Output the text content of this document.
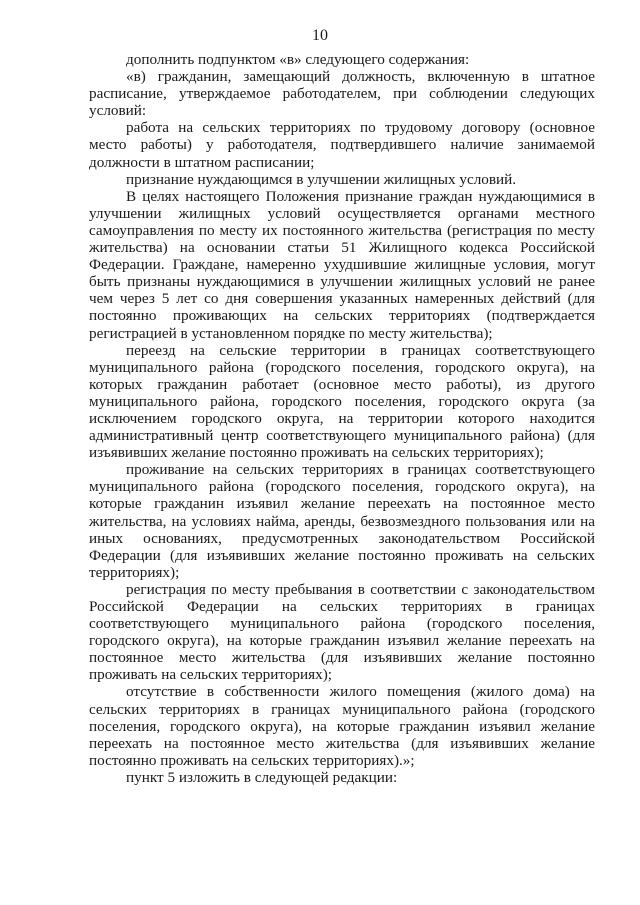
10

дополнить подпунктом «в» следующего содержания:

«в) гражданин, замещающий должность, включенную в штатное расписание, утверждаемое работодателем, при соблюдении следующих условий:

работа на сельских территориях по трудовому договору (основное место работы) у работодателя, подтвердившего наличие занимаемой должности в штатном расписании;

признание нуждающимся в улучшении жилищных условий.

В целях настоящего Положения признание граждан нуждающимися в улучшении жилищных условий осуществляется органами местного самоуправления по месту их постоянного жительства (регистрация по месту жительства) на основании статьи 51 Жилищного кодекса Российской Федерации. Граждане, намеренно ухудшившие жилищные условия, могут быть признаны нуждающимися в улучшении жилищных условий не ранее чем через 5 лет со дня совершения указанных намеренных действий (для постоянно проживающих на сельских территориях (подтверждается регистрацией в установленном порядке по месту жительства);

переезд на сельские территории в границах соответствующего муниципального района (городского поселения, городского округа), на которых гражданин работает (основное место работы), из другого муниципального района, городского поселения, городского округа (за исключением городского округа, на территории которого находится административный центр соответствующего муниципального района) (для изъявивших желание постоянно проживать на сельских территориях);

проживание на сельских территориях в границах соответствующего муниципального района (городского поселения, городского округа), на которые гражданин изъявил желание переехать на постоянное место жительства, на условиях найма, аренды, безвозмездного пользования или на иных основаниях, предусмотренных законодательством Российской Федерации (для изъявивших желание постоянно проживать на сельских территориях);

регистрация по месту пребывания в соответствии с законодательством Российской Федерации на сельских территориях в границах соответствующего муниципального района (городского поселения, городского округа), на которые гражданин изъявил желание переехать на постоянное место жительства (для изъявивших желание постоянно проживать на сельских территориях);

отсутствие в собственности жилого помещения (жилого дома) на сельских территориях в границах муниципального района (городского поселения, городского округа), на которые гражданин изъявил желание переехать на постоянное место жительства (для изъявивших желание постоянно проживать на сельских территориях).»;

пункт 5 изложить в следующей редакции:
